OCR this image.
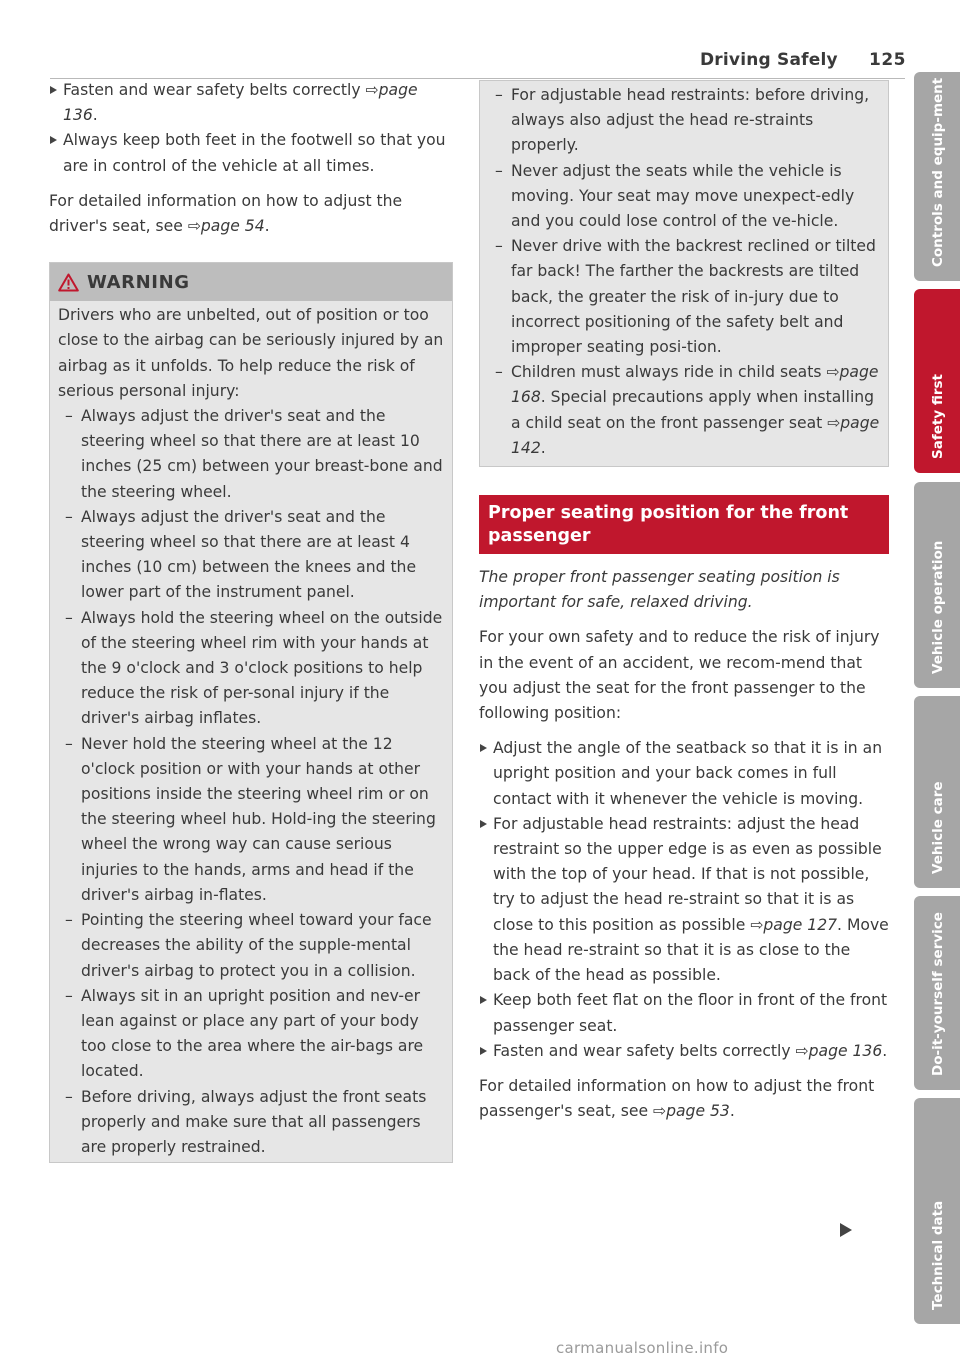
Driving Safely 125

Fasten and wear safety belts correctly ⇨page 136.

Always keep both feet in the footwell so that you are in control of the vehicle at all times.

For detailed information on how to adjust the driver's seat, see ⇨page 54.

WARNING

Drivers who are unbelted, out of position or too close to the airbag can be seriously injured by an airbag as it unfolds. To help reduce the risk of serious personal injury:

– Always adjust the driver's seat and the steering wheel so that there are at least 10 inches (25 cm) between your breast-bone and the steering wheel.

– Always adjust the driver's seat and the steering wheel so that there are at least 4 inches (10 cm) between the knees and the lower part of the instrument panel.

– Always hold the steering wheel on the outside of the steering wheel rim with your hands at the 9 o'clock and 3 o'clock positions to help reduce the risk of per-sonal injury if the driver's airbag inflates.

– Never hold the steering wheel at the 12 o'clock position or with your hands at other positions inside the steering wheel rim or on the steering wheel hub. Hold-ing the steering wheel the wrong way can cause serious injuries to the hands, arms and head if the driver's airbag in-flates.

– Pointing the steering wheel toward your face decreases the ability of the supple-mental driver's airbag to protect you in a collision.

– Always sit in an upright position and nev-er lean against or place any part of your body too close to the area where the air-bags are located.

– Before driving, always adjust the front seats properly and make sure that all passengers are properly restrained.

– For adjustable head restraints: before driving, always also adjust the head re-straints properly.

– Never adjust the seats while the vehicle is moving. Your seat may move unexpect-edly and you could lose control of the ve-hicle.

– Never drive with the backrest reclined or tilted far back! The farther the backrests are tilted back, the greater the risk of in-jury due to incorrect positioning of the safety belt and improper seating posi-tion.

– Children must always ride in child seats ⇨page 168. Special precautions apply when installing a child seat on the front passenger seat ⇨page 142.

Proper seating position for the front passenger

The proper front passenger seating position is important for safe, relaxed driving.

For your own safety and to reduce the risk of injury in the event of an accident, we recom-mend that you adjust the seat for the front passenger to the following position:

Adjust the angle of the seatback so that it is in an upright position and your back comes in full contact with it whenever the vehicle is moving.

For adjustable head restraints: adjust the head restraint so the upper edge is as even as possible with the top of your head. If that is not possible, try to adjust the head re-straint so that it is as close to this position as possible ⇨page 127. Move the head re-straint so that it is as close to the back of the head as possible.

Keep both feet flat on the floor in front of the front passenger seat.

Fasten and wear safety belts correctly ⇨page 136.

For detailed information on how to adjust the front passenger's seat, see ⇨page 53.

Controls and equip-ment
Safety first
Vehicle operation
Vehicle care
Do-it-yourself service
Technical data
carmanualsonline.info
